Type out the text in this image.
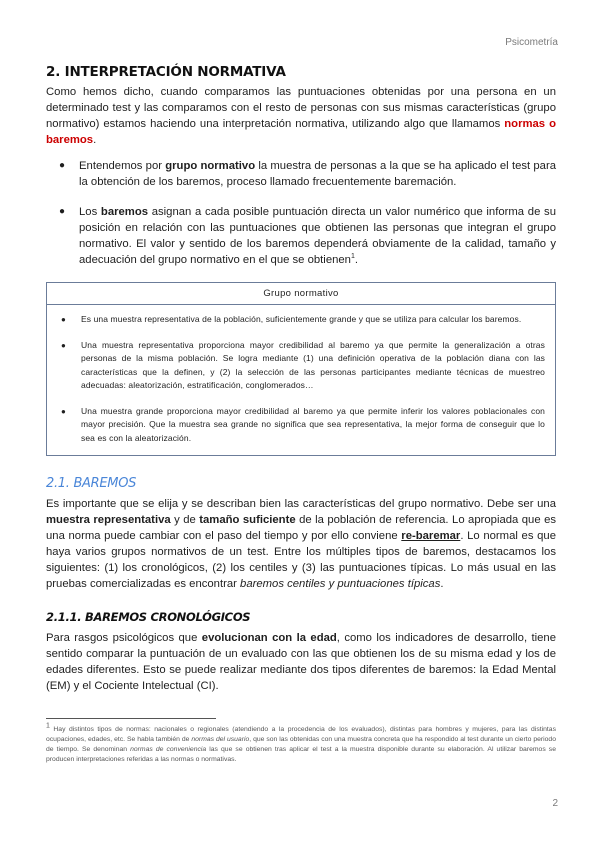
Psicometría
2. INTERPRETACIÓN NORMATIVA

Como hemos dicho, cuando comparamos las puntuaciones obtenidas por una persona en un determinado test y las comparamos con el resto de personas con sus mismas características (grupo normativo) estamos haciendo una interpretación normativa, utilizando algo que llamamos normas o baremos.

● Entendemos por grupo normativo la muestra de personas a la que se ha aplicado el test para la obtención de los baremos, proceso llamado frecuentemente baremación.
● Los baremos asignan a cada posible puntuación directa un valor numérico que informa de su posición en relación con las puntuaciones que obtienen las personas que integran el grupo normativo. El valor y sentido de los baremos dependerá obviamente de la calidad, tamaño y adecuación del grupo normativo en el que se obtienen$^1$.
Grupo normativo
● Es una muestra representativa de la población, suficientemente grande y que se utiliza para calcular los baremos.
● Una muestra representativa proporciona mayor credibilidad al baremo ya que permite la generalización a otras personas de la misma población. Se logra mediante (1) una definición operativa de la población diana con las características que la definen, y (2) la selección de las personas participantes mediante técnicas de muestreo adecuadas: aleatorización, estratificación, conglomerados…
● Una muestra grande proporciona mayor credibilidad al baremo ya que permite inferir los valores poblacionales con mayor precisión. Que la muestra sea grande no significa que sea representativa, la mejor forma de conseguir que lo sea es con la aleatorización.
2.1. BAREMOS

Es importante que se elija y se describan bien las características del grupo normativo. Debe ser una muestra representativa y de tamaño suficiente de la población de referencia. Lo apropiada que es una norma puede cambiar con el paso del tiempo y por ello conviene re-baremar. Lo normal es que haya varios grupos normativos de un test. Entre los múltiples tipos de baremos, destacamos los siguientes: (1) los cronológicos, (2) los centiles y (3) las puntuaciones típicas. Lo más usual en las pruebas comercializadas es encontrar baremos centiles y puntuaciones típicas.

2.1.1. BAREMOS CRONOLÓGICOS

Para rasgos psicológicos que evolucionan con la edad, como los indicadores de desarrollo, tiene sentido comparar la puntuación de un evaluado con las que obtienen los de su misma edad y los de edades diferentes. Esto se puede realizar mediante dos tipos diferentes de baremos: la Edad Mental (EM) y el Cociente Intelectual (CI).

$^1$ Hay distintos tipos de normas: nacionales o regionales (atendiendo a la procedencia de los evaluados), distintas para hombres y mujeres, para las distintas ocupaciones, edades, etc. Se habla también de normas del usuario, que son las obtenidas con una muestra concreta que ha respondido al test durante un cierto periodo de tiempo. Se denominan normas de conveniencia las que se obtienen tras aplicar el test a la muestra disponible durante su elaboración. Al utilizar baremos se producen interpretaciones referidas a las normas o normativas.

2
